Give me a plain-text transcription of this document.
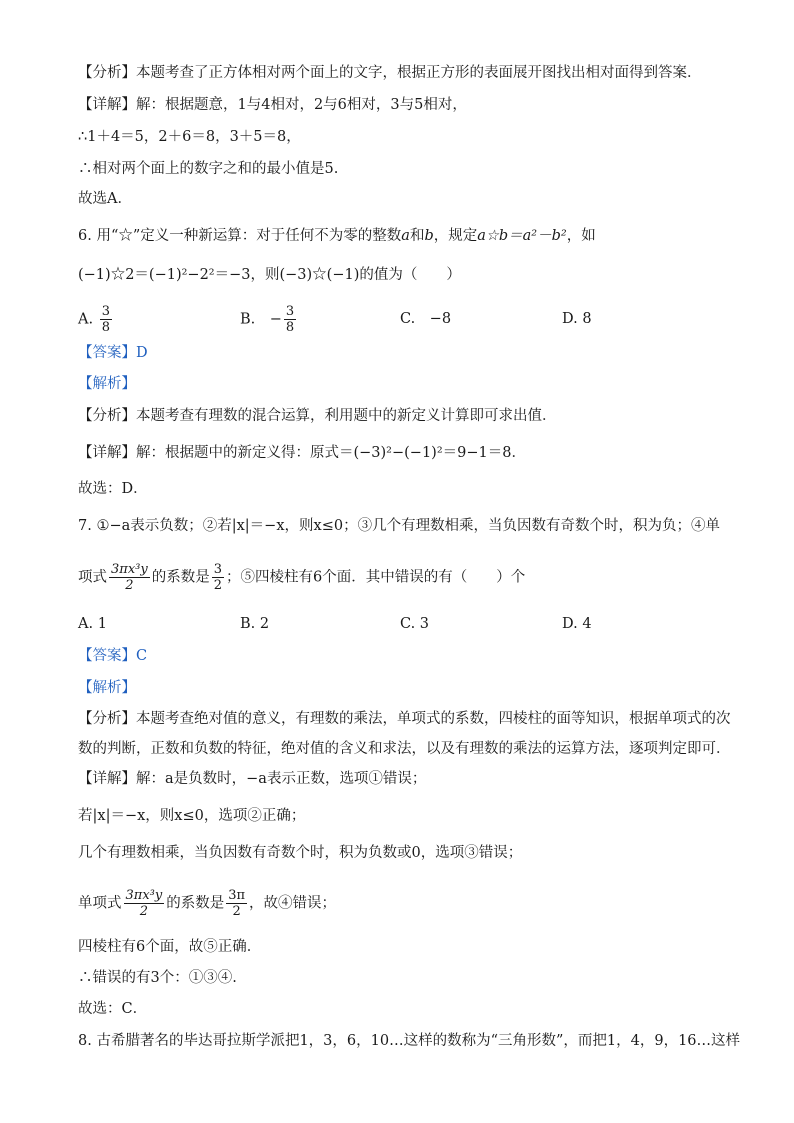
【分析】本题考查了正方体相对两个面上的文字，根据正方形的表面展开图找出相对面得到答案．
【详解】解：根据题意，1与4相对，2与6相对，3与5相对，
∴1＋4＝5，2＋6＝8，3＋5＝8，
∴相对两个面上的数字之和的最小值是5.
故选A．
6. 用“☆”定义一种新运算：对于任何不为零的整数a和b，规定a☆b＝a²－b²，如
(−1)☆2＝(−1)²−2²＝−3，则(−3)☆(−1)的值为（　　）
A. $\frac{3}{8}$	B.　− $\frac{3}{8}$	C.　−8	D. 8
【答案】D
【解析】
【分析】本题考查有理数的混合运算，利用题中的新定义计算即可求出值．
【详解】解：根据题中的新定义得：原式＝(−3)²−(−1)²＝9−1＝8．
故选：D．
7. ①−a表示负数；②若|x|＝−x，则x≤0；③几个有理数相乘，当负因数有奇数个时，积为负；④单
项式 $\frac{\text{3πx³y}}{2}$ 的系数是 $\frac{3}{2}$ ；⑤四棱柱有6个面．其中错误的有（　　）个
A. 1	B. 2	C. 3	D. 4
【答案】C
【解析】
【分析】本题考查绝对值的意义，有理数的乘法，单项式的系数，四棱柱的面等知识，根据单项式的次
数的判断，正数和负数的特征，绝对值的含义和求法，以及有理数的乘法的运算方法，逐项判定即可．
【详解】解：a是负数时，−a表示正数，选项①错误；
若|x|＝−x，则x≤0，选项②正确；
几个有理数相乘，当负因数有奇数个时，积为负数或0，选项③错误；
单项式 $\frac{\text{3πx³y}}{2}$ 的系数是 $\frac{3\pi}{2}$ ，故④错误；
四棱柱有6个面，故⑤正确．
∴错误的有3个：①③④.
故选：C．
8. 古希腊著名的毕达哥拉斯学派把1，3，6，10…这样的数称为“三角形数”，而把1，4，9，16…这样
